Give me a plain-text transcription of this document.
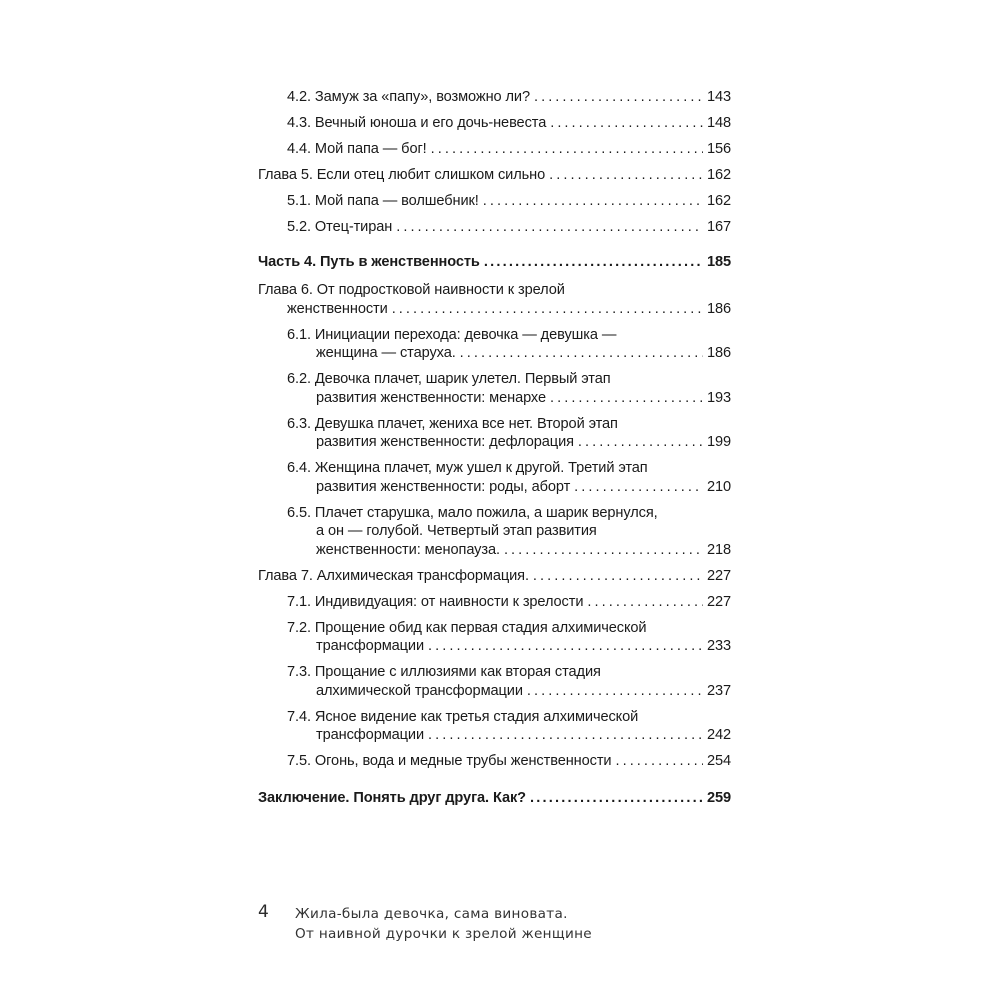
4.2. Замуж за «папу», возможно ли? . . .	143
4.3. Вечный юноша и его дочь-невеста . . .	148
4.4. Мой папа — бог! . . .	156
Глава 5. Если отец любит слишком сильно . . .	162
5.1. Мой папа — волшебник! . . .	162
5.2. Отец-тиран . . .	167
Часть 4. Путь в женственность .....	185
Глава 6. От подростковой наивности к зрелой
женственности . . .	186
6.1. Инициации перехода: девочка — девушка —
женщина — старуха. . . .	186
6.2. Девочка плачет, шарик улетел. Первый этап
развития женственности: менархе . . .	193
6.3. Девушка плачет, жениха все нет. Второй этап
развития женственности: дефлорация . . .	199
6.4. Женщина плачет, муж ушел к другой. Третий этап
развития женственности: роды, аборт . . .	210
6.5. Плачет старушка, мало пожила, а шарик вернулся,
а он — голубой. Четвертый этап развития
женственности: менопауза. . . .	218
Глава 7. Алхимическая трансформация. . . .	227
7.1. Индивидуация: от наивности к зрелости . . .	227
7.2. Прощение обид как первая стадия алхимической
трансформации . . .	233
7.3. Прощание с иллюзиями как вторая стадия
алхимической трансформации . . .	237
7.4. Ясное видение как третья стадия алхимической
трансформации . . .	242
7.5. Огонь, вода и медные трубы женственности . . .	254
Заключение. Понять друг друга. Как? .....	259
4 Жила-была девочка, сама виновата.
От наивной дурочки к зрелой женщине
